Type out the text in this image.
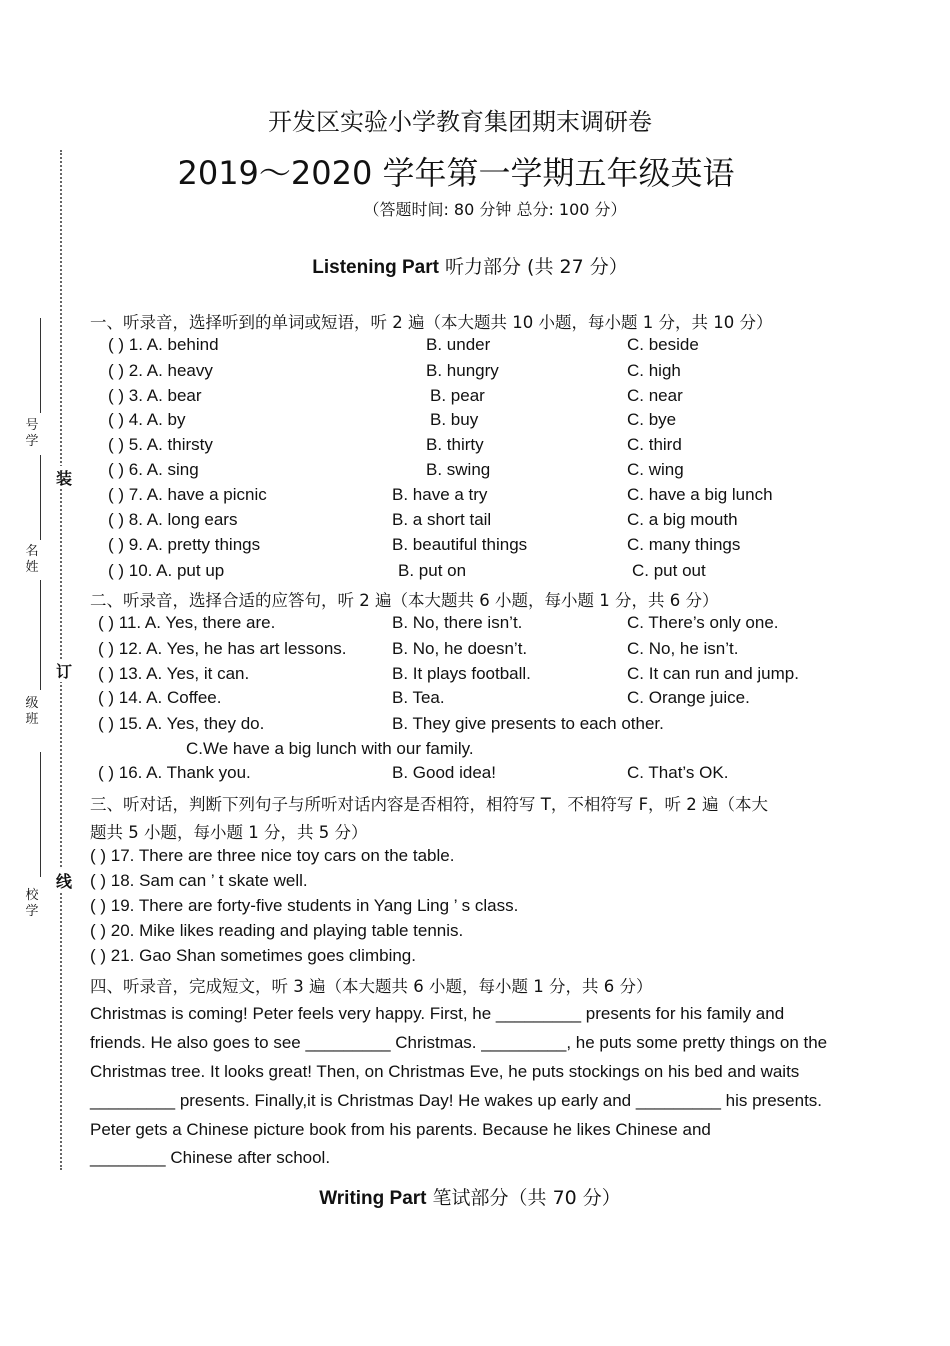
号学
名姓
级班
校学
装
订
线
开发区实验小学教育集团期末调研卷
2019～2020 学年第一学期五年级英语
（答题时间: 80 分钟 总分: 100 分）
Listening Part 听力部分 (共 27 分）
一、听录音，选择听到的单词或短语，听 2 遍（本大题共 10 小题，每小题 1 分，共 10 分）
( ) 1. A. behind	B. under	C. beside
( ) 2. A. heavy	B. hungry	C. high
( ) 3. A. bear	B. pear	C. near
( ) 4. A. by	B. buy	C. bye
( ) 5. A. thirsty	B. thirty	C. third
( ) 6. A. sing	B. swing	C. wing
( ) 7. A. have a picnic	B. have a try	C. have a big lunch
( ) 8. A. long ears	B. a short tail	C. a big mouth
( ) 9. A. pretty things	B. beautiful things	C. many things
( ) 10. A. put up	B. put on	C. put out
二、听录音，选择合适的应答句，听 2 遍（本大题共 6 小题，每小题 1 分，共 6 分）
( ) 11. A. Yes, there are.	B. No, there isn’t.	C. There’s only one.
( ) 12. A. Yes, he has art lessons.	B. No, he doesn’t.	C. No, he isn’t.
( ) 13. A. Yes, it can.	B. It plays football.	C. It can run and jump.
( ) 14. A. Coffee.	B. Tea.	C. Orange juice.
( ) 15. A. Yes, they do.	B. They give presents to each other.
C.We have a big lunch with our family.
( ) 16. A. Thank you.	B. Good idea!	C. That’s OK.
三、听对话，判断下列句子与所听对话内容是否相符，相符写 T，不相符写 F，听 2 遍（本大
题共 5 小题，每小题 1 分，共 5 分）
( ) 17. There are three nice toy cars on the table.
( ) 18. Sam can ’ t skate well.
( ) 19. There are forty-five students in Yang Ling ’ s class.
( ) 20. Mike likes reading and playing table tennis.
( ) 21. Gao Shan sometimes goes climbing.
四、听录音，完成短文，听 3 遍（本大题共 6 小题，每小题 1 分，共 6 分）
Christmas is coming! Peter feels very happy. First, he _________ presents for his family and
friends. He also goes to see _________ Christmas. _________, he puts some pretty things on the
Christmas tree. It looks great! Then, on Christmas Eve, he puts stockings on his bed and waits
_________ presents. Finally,it is Christmas Day! He wakes up early and _________ his presents.
Peter gets a Chinese picture book from his parents. Because he likes Chinese and
________ Chinese after school.
Writing Part 笔试部分（共 70 分）
